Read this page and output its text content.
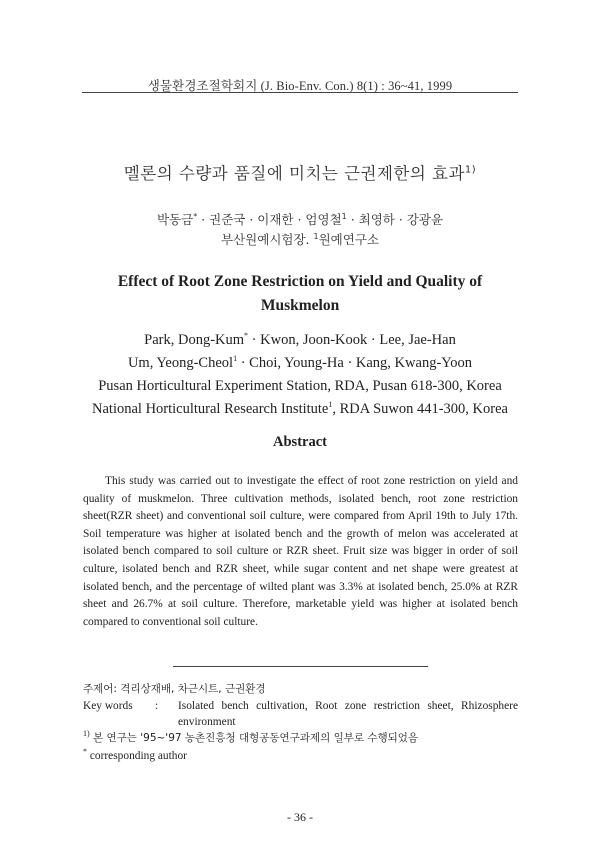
생물환경조절학회지 (J. Bio-Env. Con.) 8(1) : 36~41, 1999
멜론의 수량과 품질에 미치는 근권제한의 효과$^{1)}$
박동금* · 권준국 · 이재한 · 엄영철$^1$ · 최영하 · 강광윤
부산원예시험장. $^1$원예연구소
Effect of Root Zone Restriction on Yield and Quality of
Muskmelon
Park, Dong-Kum* · Kwon, Joon-Kook · Lee, Jae-Han
Um, Yeong-Cheol$^1$ · Choi, Young-Ha · Kang, Kwang-Yoon
Pusan Horticultural Experiment Station, RDA, Pusan 618-300, Korea
National Horticultural Research Institute$^1$, RDA Suwon 441-300, Korea
Abstract

This study was carried out to investigate the effect of root zone restriction on yield and quality of muskmelon. Three cultivation methods, isolated bench, root zone restriction sheet(RZR sheet) and conventional soil culture, were compared from April 19th to July 17th. Soil temperature was higher at isolated bench and the growth of melon was accelerated at isolated bench compared to soil culture or RZR sheet. Fruit size was bigger in order of soil culture, isolated bench and RZR sheet, while sugar content and net shape were greatest at isolated bench, and the percentage of wilted plant was 3.3% at isolated bench, 25.0% at RZR sheet and 26.7% at soil culture. Therefore, marketable yield was higher at isolated bench compared to conventional soil culture.

주제어: 격리상재배, 차근시트, 근권환경
Key words : Isolated bench cultivation, Root zone restriction sheet, Rhizosphere environment
$^{1)}$ 본 연구는 '95~'97 농촌진흥청 대형공동연구과제의 일부로 수행되었음
* corresponding author
- 36 -
